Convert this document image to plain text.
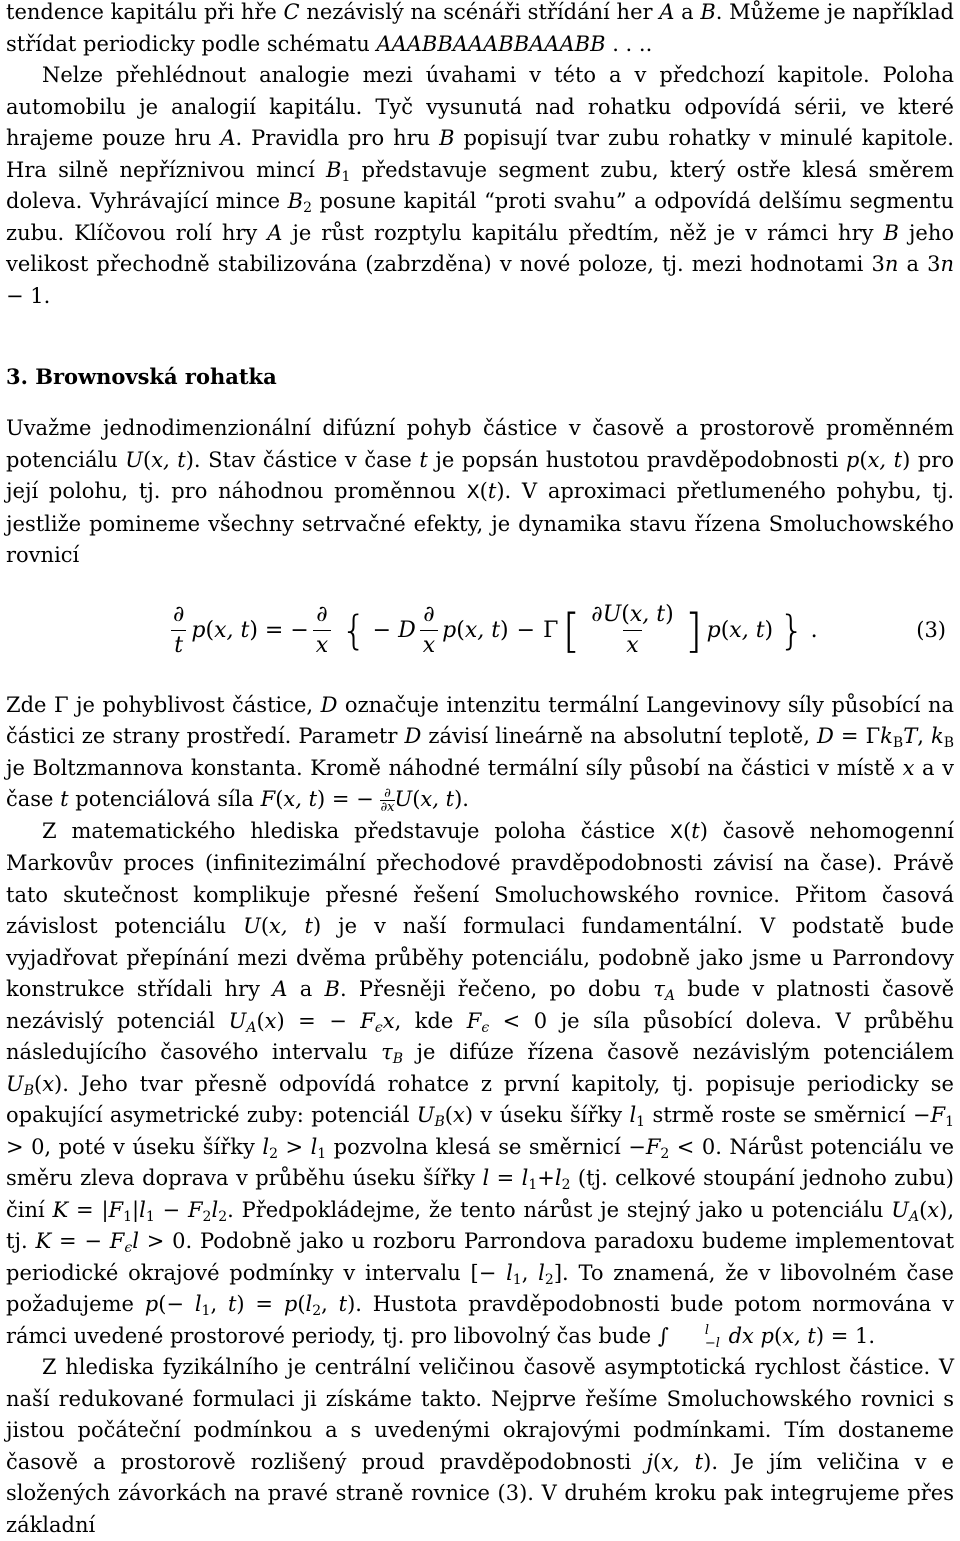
tendence kapitálu při hře C nezávislý na scénáři střídání her A a B. Můžeme je například střídat periodicky podle schématu AAABBAAABBAAABB . . ..

Nelze přehlédnout analogie mezi úvahami v této a v předchozí kapitole. Poloha automobilu je analogií kapitálu. Tyč vysunutá nad rohatku odpovídá sérii, ve které hrajeme pouze hru A. Pravidla pro hru B popisují tvar zubu rohatky v minulé kapitole. Hra silně nepříznivou mincí $B_1$ představuje segment zubu, který ostře klesá směrem doleva. Vyhrávající mince $B_2$ posune kapitál “proti svahu” a odpovídá delšímu segmentu zubu. Klíčovou rolí hry A je růst rozptylu kapitálu předtím, něž je v rámci hry B jeho velikost přechodně stabilizována (zabrzděna) v nové poloze, tj. mezi hodnotami 3n a 3n − 1.

3. Brownovská rohatka

Uvažme jednodimenzionální difúzní pohyb částice v časově a prostorově proměnném potenciálu U(x, t). Stav částice v čase t je popsán hustotou pravděpodobnosti p(x, t) pro její polohu, tj. pro náhodnou proměnnou X(t). V aproximaci přetlumeného pohybu, tj. jestliže pomineme všechny setrvačné efekty, je dynamika stavu řízena Smoluchowského rovnicí

$\frac{\partial}{t}$ p ( x, t ) = − $\frac{\partial}{x}$ { − D $\frac{\partial}{x}$ p ( x, t ) − Γ [ $\frac{\partial U(x, t)}{x}$ ] p ( x, t ) } .	(3)

Zde Γ je pohyblivost částice, D označuje intenzitu termální Langevinovy síly působící na částici ze strany prostředí. Parametr D závisí lineárně na absolutní teplotě, $D = \Gamma k_BT$, $k_B$ je Boltzmannova konstanta. Kromě náhodné termální síly působí na částici v místě x a v čase t potenciálová síla F(x, t) = − ∂
∂x U(x, t).

Z matematického hlediska představuje poloha částice X(t) časově nehomogenní Markovův proces (infinitezimální přechodové pravděpodobnosti závisí na čase). Právě tato skutečnost komplikuje přesné řešení Smoluchowského rovnice. Přitom časová závislost potenciálu U(x, t) je v naší formulaci fundamentální. V podstatě bude vyjadřovat přepínání mezi dvěma průběhy potenciálu, podobně jako jsme u Parrondovy konstrukce střídali hry A a B. Přesněji řečeno, po dobu $\tau_A$ bude v platnosti časově nezávislý potenciál $U_A(x)$ = − $F_\epsilon x$, kde $F_\epsilon < 0$ je síla působící doleva. V průběhu následujícího časového intervalu $\tau_B$ je difúze řízena časově nezávislým potenciálem $U_B(x)$. Jeho tvar přesně odpovídá rohatce z první kapitoly, tj. popisuje periodicky se opakující asymetrické zuby: potenciál $U_B(x)$ v úseku šířky $l_1$ strmě roste se směrnicí $-F_1 > 0$, poté v úseku šířky $l_2 > l_1$ pozvolna klesá se směrnicí $-F_2 < 0$. Nárůst potenciálu ve směru zleva doprava v průběhu úseku šířky $l = l_1+l_2$ (tj. celkové stoupání jednoho zubu) činí $K = |F_1|l_1 - F_2l_2$. Předpokládejme, že tento nárůst je stejný jako u potenciálu $U_A(x)$, tj. K = − $F_\epsilon l > 0$. Podobně jako u rozboru Parrondova paradoxu budeme implementovat periodické okrajové podmínky v intervalu [− $l_1$, $l_2$]. To znamená, že v libovolném čase požadujeme $p(- l_1$, $t) = p(l_2$, t). Hustota pravděpodobnosti bude potom normována v rámci uvedené prostorové periody, tj. pro libovolný čas bude ∫	l
−l dx p(x, t) = 1.

Z hlediska fyzikálního je centrální veličinou časově asymptotická rychlost částice. V naší redukované formulaci ji získáme takto. Nejprve řešíme Smoluchowského rovnici s jistou počáteční podmínkou a s uvedenými okrajovými podmínkami. Tím dostaneme časově a prostorově rozlišený proud pravděpodobnosti j(x, t). Je jím veličina v e složených závorkách na pravé straně rovnice (3). V druhém kroku pak integrujeme přes základní
